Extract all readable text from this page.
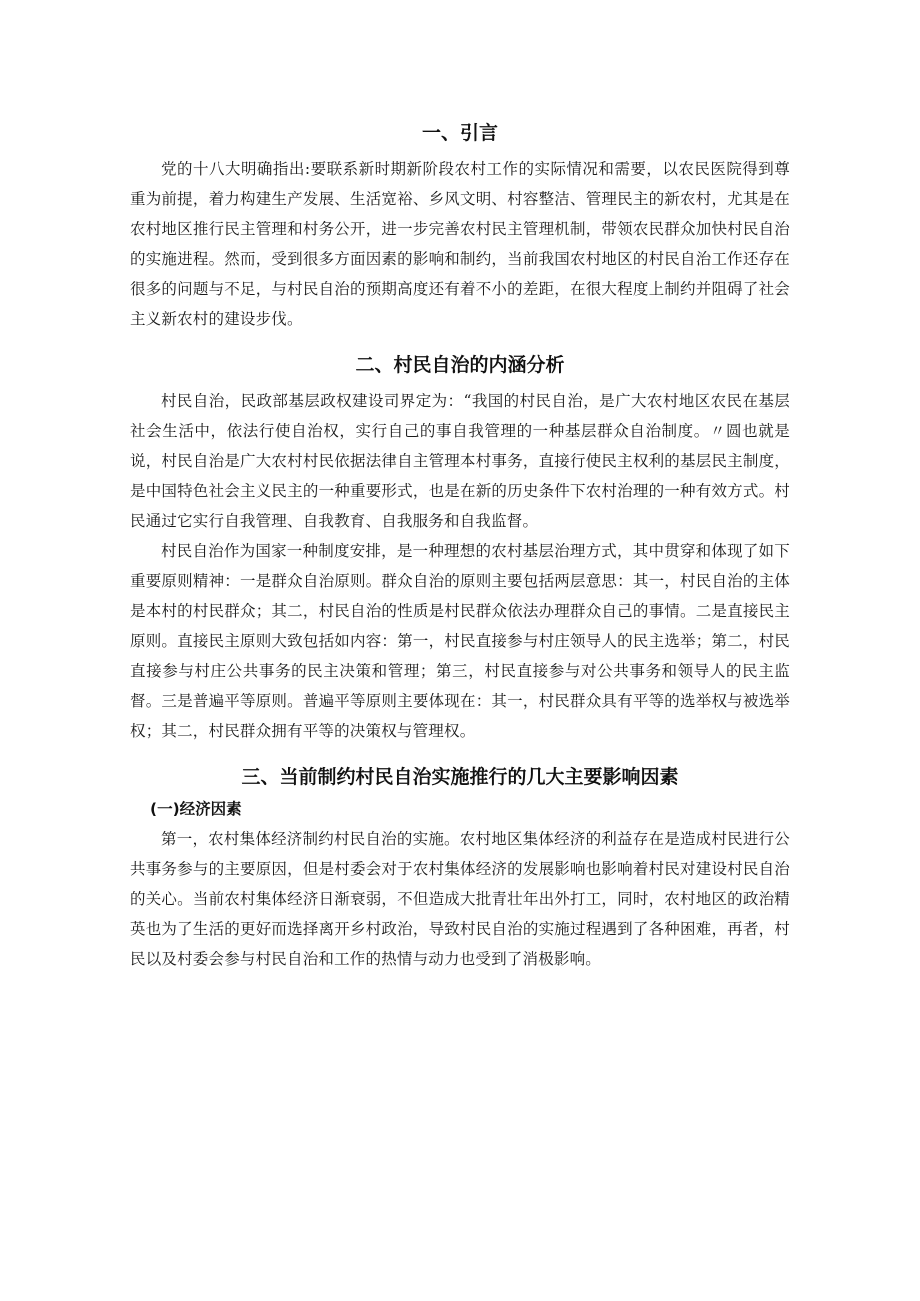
一、引言

党的十八大明确指出:要联系新时期新阶段农村工作的实际情况和需要，以农民医院得到尊重为前提，着力构建生产发展、生活宽裕、乡风文明、村容整洁、管理民主的新农村，尤其是在农村地区推行民主管理和村务公开，进一步完善农村民主管理机制，带领农民群众加快村民自治的实施进程。然而，受到很多方面因素的影响和制约，当前我国农村地区的村民自治工作还存在很多的问题与不足，与村民自治的预期高度还有着不小的差距，在很大程度上制约并阻碍了社会主义新农村的建设步伐。

二、村民自治的内涵分析

村民自治，民政部基层政权建设司界定为：“我国的村民自治，是广大农村地区农民在基层社会生活中，依法行使自治权，实行自己的事自我管理的一种基层群众自治制度。〃圆也就是说，村民自治是广大农村村民依据法律自主管理本村事务，直接行使民主权利的基层民主制度，是中国特色社会主义民主的一种重要形式，也是在新的历史条件下农村治理的一种有效方式。村民通过它实行自我管理、自我教育、自我服务和自我监督。

村民自治作为国家一种制度安排，是一种理想的农村基层治理方式，其中贯穿和体现了如下重要原则精神：一是群众自治原则。群众自治的原则主要包括两层意思：其一，村民自治的主体是本村的村民群众；其二，村民自治的性质是村民群众依法办理群众自己的事情。二是直接民主原则。直接民主原则大致包括如内容：第一，村民直接参与村庄领导人的民主选举；第二，村民直接参与村庄公共事务的民主决策和管理；第三，村民直接参与对公共事务和领导人的民主监督。三是普遍平等原则。普遍平等原则主要体现在：其一，村民群众具有平等的选举权与被选举权；其二，村民群众拥有平等的决策权与管理权。

三、当前制约村民自治实施推行的几大主要影响因素
(一)经济因素

第一，农村集体经济制约村民自治的实施。农村地区集体经济的利益存在是造成村民进行公共事务参与的主要原因，但是村委会对于农村集体经济的发展影响也影响着村民对建设村民自治的关心。当前农村集体经济日渐衰弱，不但造成大批青壮年出外打工，同时，农村地区的政治精英也为了生活的更好而选择离开乡村政治，导致村民自治的实施过程遇到了各种困难，再者，村民以及村委会参与村民自治和工作的热情与动力也受到了消极影响。
